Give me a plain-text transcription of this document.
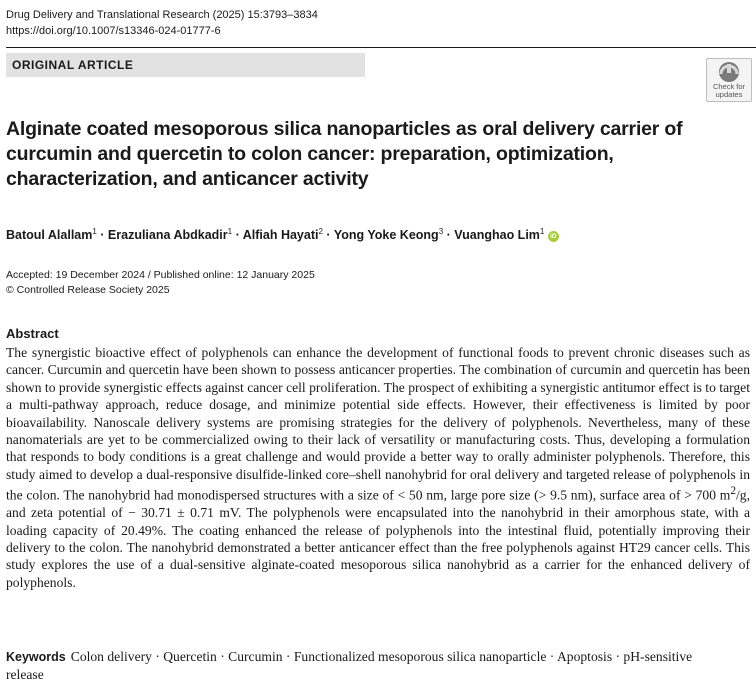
Drug Delivery and Translational Research (2025) 15:3793–3834
https://doi.org/10.1007/s13346-024-01777-6
ORIGINAL ARTICLE
Check for
updates
Alginate coated mesoporous silica nanoparticles as oral delivery carrier of curcumin and quercetin to colon cancer: preparation, optimization, characterization, and anticancer activity
Batoul Alallam$^1$ · Erazuliana Abdkadir$^1$ · Alfiah Hayati$^2$ · Yong Yoke Keong$^3$ · Vuanghao Lim$^1$ iD
Accepted: 19 December 2024 / Published online: 12 January 2025
© Controlled Release Society 2025
Abstract

The synergistic bioactive effect of polyphenols can enhance the development of functional foods to prevent chronic diseases such as cancer. Curcumin and quercetin have been shown to possess anticancer properties. The combination of curcumin and quercetin has been shown to provide synergistic effects against cancer cell proliferation. The prospect of exhibiting a synergistic antitumor effect is to target a multi-pathway approach, reduce dosage, and minimize potential side effects. However, their effectiveness is limited by poor bioavailability. Nanoscale delivery systems are promising strategies for the delivery of polyphenols. Nevertheless, many of these nanomaterials are yet to be commercialized owing to their lack of versatility or manufacturing costs. Thus, developing a formulation that responds to body conditions is a great challenge and would provide a better way to orally administer polyphenols. Therefore, this study aimed to develop a dual-responsive disulfide-linked core–shell nanohybrid for oral delivery and targeted release of polyphenols in the colon. The nanohybrid had monodispersed structures with a size of < 50 nm, large pore size (> 9.5 nm), surface area of > 700 $m^2/g$, and zeta potential of − 30.71 ± 0.71 mV. The polyphenols were encapsulated into the nanohybrid in their amorphous state, with a loading capacity of 20.49%. The coating enhanced the release of polyphenols into the intestinal fluid, potentially improving their delivery to the colon. The nanohybrid demonstrated a better anticancer effect than the free polyphenols against HT29 cancer cells. This study explores the use of a dual-sensitive alginate-coated mesoporous silica nanohybrid as a carrier for the enhanced delivery of polyphenols.

Keywords Colon delivery · Quercetin · Curcumin · Functionalized mesoporous silica nanoparticle · Apoptosis · pH-sensitive release
